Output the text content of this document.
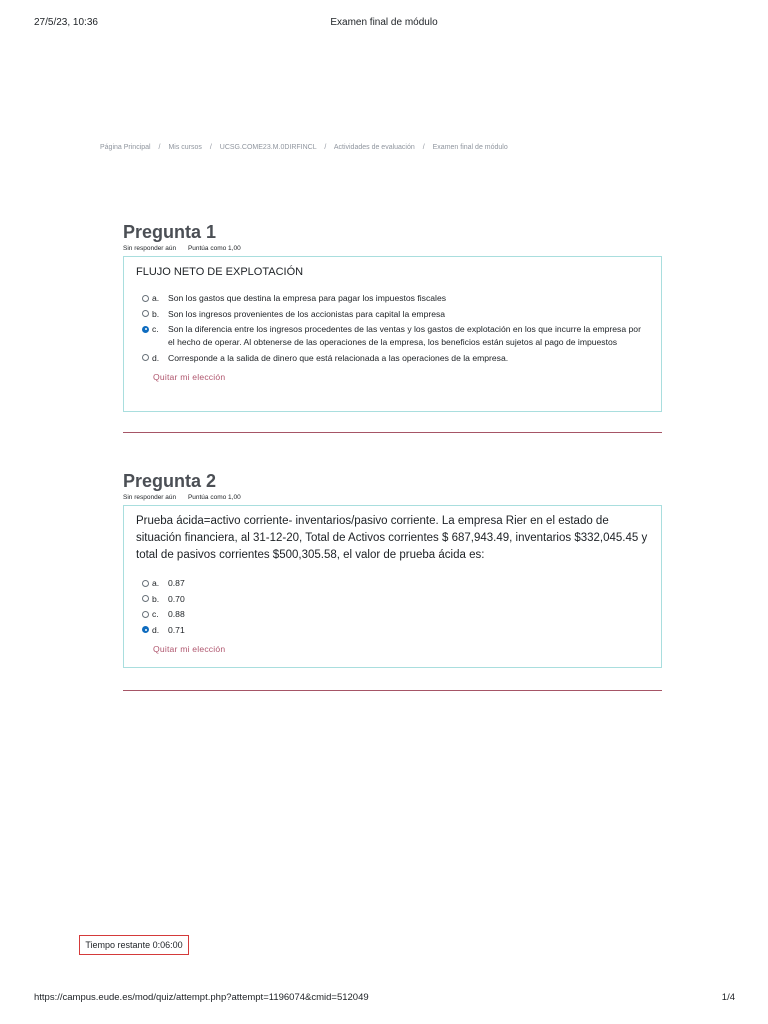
27/5/23, 10:36	Examen final de módulo
Página Principal / Mis cursos / UCSG.COME23.M.0DIRFINCL / Actividades de evaluación / Examen final de módulo
Pregunta 1
Sin responder aún Puntúa como 1,00
FLUJO NETO DE EXPLOTACIÓN
a.	Son los gastos que destina la empresa para pagar los impuestos fiscales
b.	Son los ingresos provenientes de los accionistas para capital la empresa
c.	Son la diferencia entre los ingresos procedentes de las ventas y los gastos de explotación en los que incurre la empresa por el hecho de operar. Al obtenerse de las operaciones de la empresa, los beneficios están sujetos al pago de impuestos
d.	Corresponde a la salida de dinero que está relacionada a las operaciones de la empresa.
Quitar mi elección
Pregunta 2
Sin responder aún Puntúa como 1,00
Prueba ácida=activo corriente- inventarios/pasivo corriente. La empresa Rier en el estado de situación financiera, al 31-12-20, Total de Activos corrientes $ 687,943.49, inventarios $332,045.45 y total de pasivos corrientes $500,305.58, el valor de prueba ácida es:
a.	0.87
b.	0.70
c.	0.88
d.	0.71
Quitar mi elección
Tiempo restante 0:06:00
https://campus.eude.es/mod/quiz/attempt.php?attempt=1196074&cmid=512049	1/4
